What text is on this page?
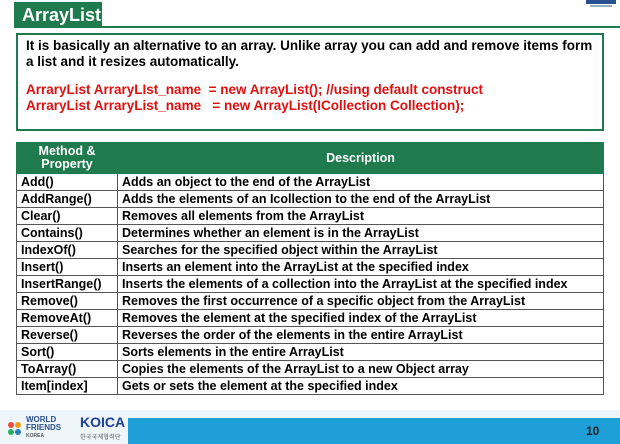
ArrayList

It is basically an alternative to an array. Unlike array you can add and remove items form a list and it resizes automatically.

ArraryList ArraryLIst_name  = new ArrayList(); //using default construct

ArraryList ArraryList_name   = new ArrayList(ICollection Collection);

Method &
Property	Description
Add()	Adds an object to the end of the ArrayList
AddRange()	Adds the elements of an Icollection to the end of the ArrayList
Clear()	Removes all elements from the ArrayList
Contains()	Determines whether an element is in the ArrayList
IndexOf()	Searches for the specified object within the ArrayList
Insert()	Inserts an element into the ArrayList at the specified index
InsertRange()	Inserts the elements of a collection into the ArrayList at the specified index
Remove()	Removes the first occurrence of a specific object from the ArrayList
RemoveAt()	Removes the element at the specified index of the ArrayList
Reverse()	Reverses the order of the elements in the entire ArrayList
Sort()	Sorts elements in the entire ArrayList
ToArray()	Copies the elements of the ArrayList to a new Object array
Item[index]	Gets or sets the element at the specified index
WORLD
FRIENDS
KOREA
KOICA
한국국제협력단	10
